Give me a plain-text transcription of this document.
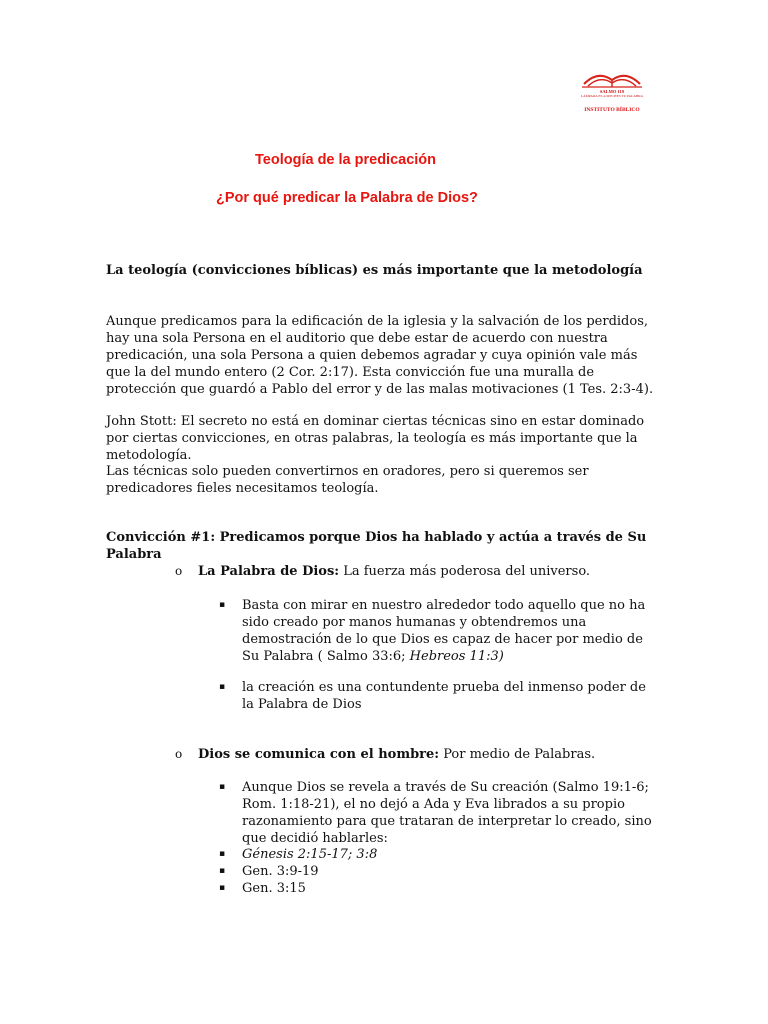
SALMO 119
LÁMPARA ES A MIS PIES TU PALABRA
INSTITUTO BÍBLICO
Teología de la predicación
¿Por qué predicar la Palabra de Dios?
La teología (convicciones bíblicas) es más importante que la metodología

Aunque predicamos para la edificación de la iglesia y la salvación de los perdidos, hay una sola Persona en el auditorio que debe estar de acuerdo con nuestra predicación, una sola Persona a quien debemos agradar y cuya opinión vale más que la del mundo entero (2 Cor. 2:17). Esta convicción fue una muralla de protección que guardó a Pablo del error y de las malas motivaciones (1 Tes. 2:3-4).

John Stott: El secreto no está en dominar ciertas técnicas sino en estar dominado por ciertas convicciones, en otras palabras, la teología es más importante que la metodología.

Las técnicas solo pueden convertirnos en oradores, pero si queremos ser predicadores fieles necesitamos teología.

Convicción #1: Predicamos porque Dios ha hablado y actúa a través de Su Palabra
o La Palabra de Dios: La fuerza más poderosa del universo.

▪ Basta con mirar en nuestro alrededor todo aquello que no ha sido creado por manos humanas y obtendremos una demostración de lo que Dios es capaz de hacer por medio de Su Palabra ( Salmo 33:6; Hebreos 11:3)

▪ la creación es una contundente prueba del inmenso poder de la Palabra de Dios

o Dios se comunica con el hombre: Por medio de Palabras.

▪ Aunque Dios se revela a través de Su creación (Salmo 19:1-6; Rom. 1:18-21), el no dejó a Ada y Eva librados a su propio razonamiento para que trataran de interpretar lo creado, sino que decidió hablarles:

▪ Génesis 2:15-17; 3:8

▪ Gen. 3:9-19

▪ Gen. 3:15
